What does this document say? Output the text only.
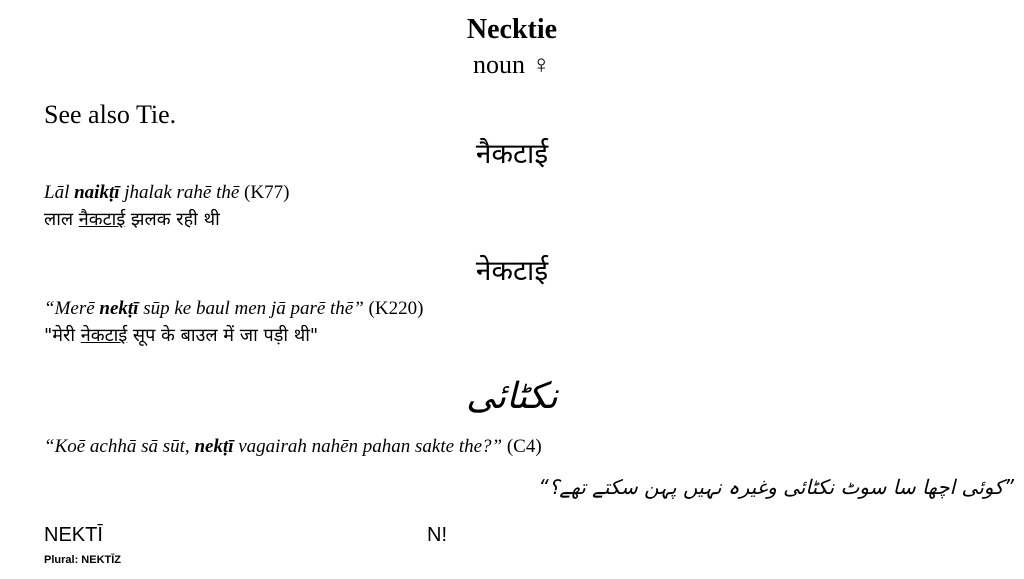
Necktie
noun ♀
See also Tie.
नैकटाई
Lāl naikṭī jhalak rahē thē (K77)
लाल नैकटाई झलक रही थी
नेकटाई
“Merē nekṭī sūp ke baul men jā parē thē” (K220)
"मेरी नेकटाई सूप के बाउल में जा पड़ी थी"
نکٹائی
“Koē achhā sā sūt, nekṭī vagairah nahēn pahan sakte the?” (C4)
”کوئی اچھا سا سوٹ نکٹائی وغیرہ نہیں پہن سکتے تھے؟“
NEKTĪ	N!
Plural: NEKTĪZ
